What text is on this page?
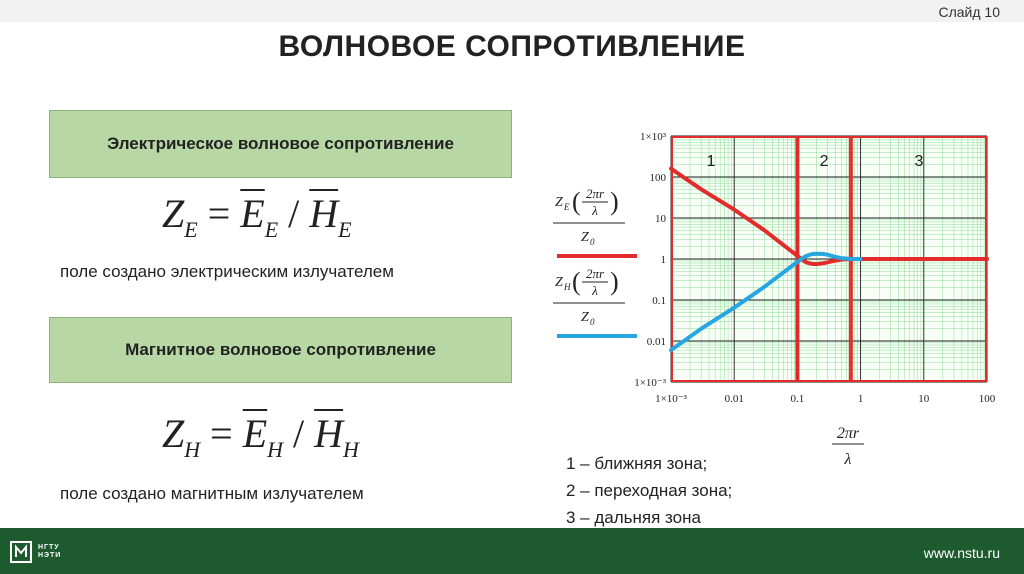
Слайд 10
ВОЛНОВОЕ СОПРОТИВЛЕНИЕ
Электрическое волновое сопротивление
$Z_E = \overline{E}_E / \overline{H}_E$
поле создано электрическим излучателем
Магнитное волновое сопротивление
$Z_H = \overline{E}_H / \overline{H}_H$
поле создано магнитным излучателем
1×10⁻³	0.01	0.1	1	10	100
1×10⁻³
0.01
0.1
1
10
100
1×10³
1	2	3
Z E ( 2πr
λ )
Z 0
Z H ( 2πr
λ )
Z 0
2πr
λ
1 – ближняя зона;
2 – переходная зона;
3 – дальняя зона
НГТУ
НЭТИ	www.nstu.ru
